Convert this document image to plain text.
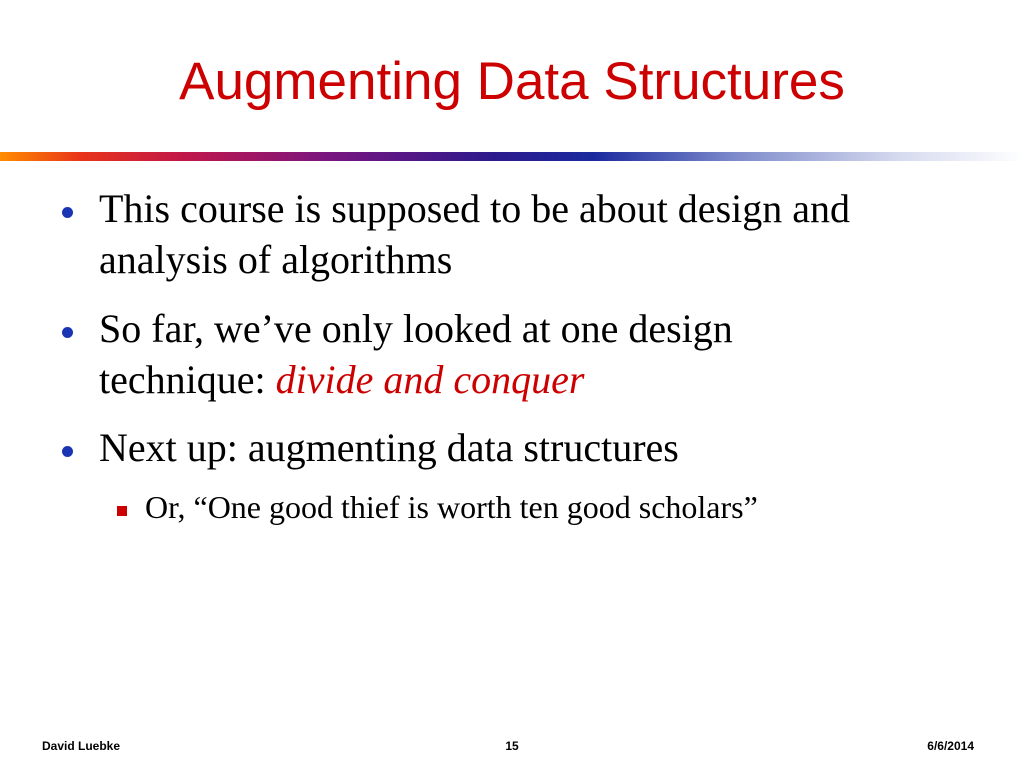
Augmenting Data Structures
This course is supposed to be about design and
analysis of algorithms
So far, we’ve only looked at one design
technique: divide and conquer
Next up: augmenting data structures
Or, “One good thief is worth ten good scholars”
David Luebke	15	6/6/2014
